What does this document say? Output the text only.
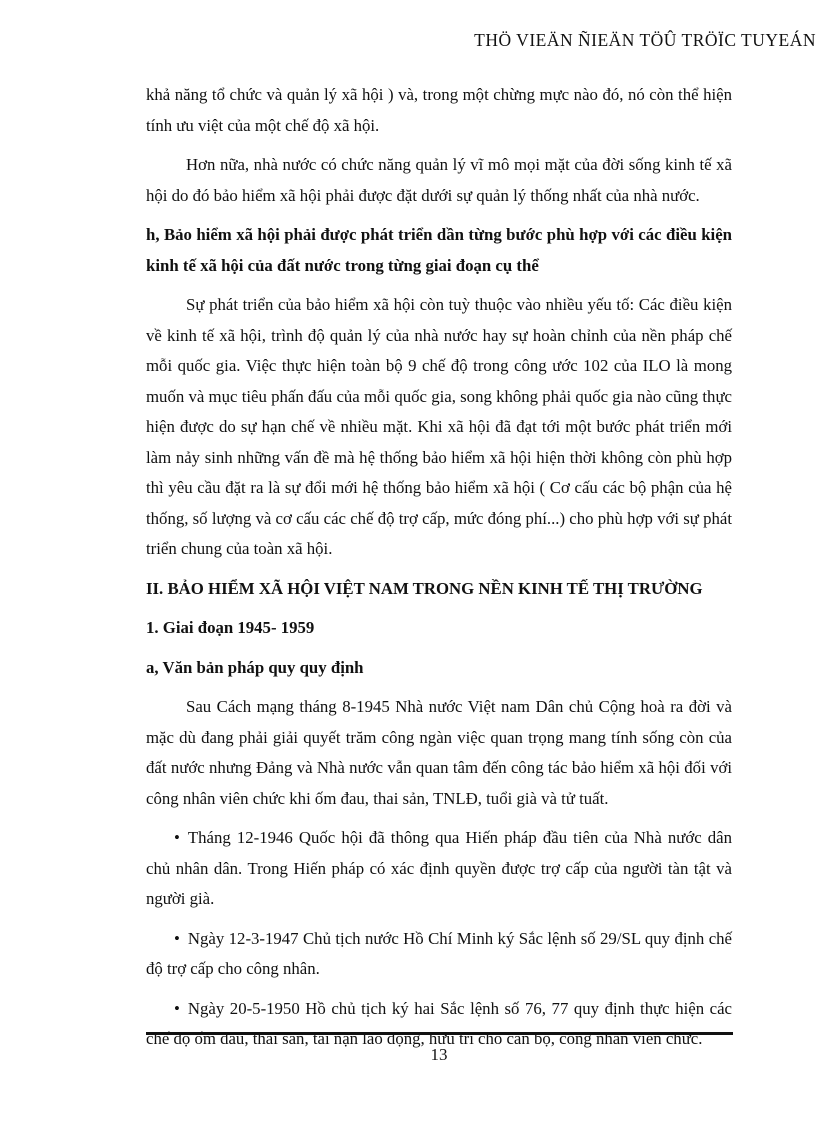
THÖ VIEÄN ÑIEÄN TÖÛ TRÖÏC TUYEÁN

khả năng tổ chức và quản lý xã hội ) và, trong một chừng mực nào đó, nó còn thể hiện tính ưu việt của một chế độ xã hội.

Hơn nữa, nhà nước có chức năng quản lý vĩ mô mọi mặt của đời sống kinh tế xã hội do đó bảo hiểm xã hội phải được đặt dưới sự quản lý thống nhất của nhà nước.

h, Bảo hiểm xã hội phải được phát triển dần từng bước phù hợp với các điều kiện kinh tế xã hội của đất nước trong từng giai đoạn cụ thể

Sự phát triển của bảo hiểm xã hội còn tuỳ thuộc vào nhiều yếu tố: Các điều kiện về kinh tế xã hội, trình độ quản lý của nhà nước hay sự hoàn chỉnh của nền pháp chế mỗi quốc gia. Việc thực hiện toàn bộ 9 chế độ trong công ước 102 của ILO là mong muốn và mục tiêu phấn đấu của mỗi quốc gia, song không phải quốc gia nào cũng thực hiện được do sự hạn chế về nhiều mặt. Khi xã hội đã đạt tới một bước phát triển mới làm nảy sinh những vấn đề mà hệ thống bảo hiểm xã hội hiện thời không còn phù hợp thì yêu cầu đặt ra là sự đổi mới hệ thống bảo hiểm xã hội ( Cơ cấu các bộ phận của hệ thống, số lượng và cơ cấu các chế độ trợ cấp, mức đóng phí...) cho phù hợp với sự phát triển chung của toàn xã hội.

II. BẢO HIỂM XÃ HỘI VIỆT NAM TRONG NỀN KINH TẾ THỊ TRƯỜNG

1. Giai đoạn 1945- 1959

a, Văn bản pháp quy quy định

Sau Cách mạng tháng 8-1945 Nhà nước Việt nam Dân chủ Cộng hoà ra đời và mặc dù đang phải giải quyết trăm công ngàn việc quan trọng mang tính sống còn của đất nước nhưng Đảng và Nhà nước vẫn quan tâm đến công tác bảo hiểm xã hội đối với công nhân viên chức khi ốm đau, thai sản, TNLĐ, tuổi già và tử tuất.

• Tháng 12-1946 Quốc hội đã thông qua Hiến pháp đầu tiên của Nhà nước dân chủ nhân dân. Trong Hiến pháp có xác định quyền được trợ cấp của người tàn tật và người già.

• Ngày 12-3-1947 Chủ tịch nước Hồ Chí Minh ký Sắc lệnh số 29/SL quy định chế độ trợ cấp cho công nhân.

• Ngày 20-5-1950 Hồ chủ tịch ký hai Sắc lệnh số 76, 77 quy định thực hiện các chế độ ốm đau, thai sản, tai nạn lao động, hưu trí cho cán bộ, công nhân viên chức.

13
